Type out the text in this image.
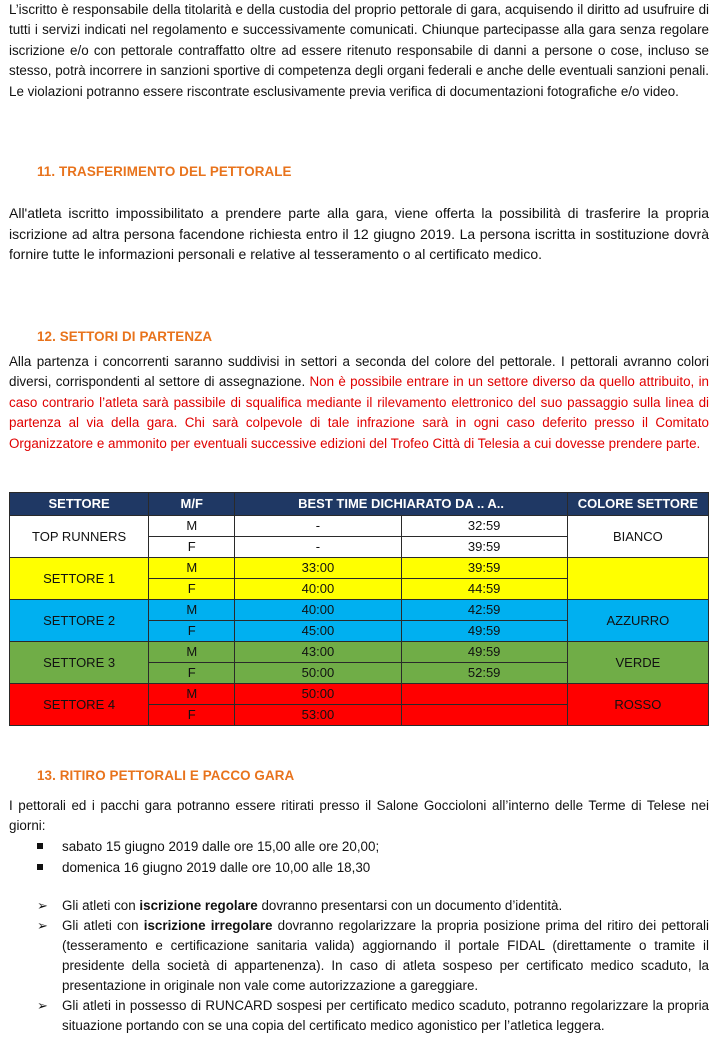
L’iscritto è responsabile della titolarità e della custodia del proprio pettorale di gara, acquisendo il diritto ad usufruire di tutti i servizi indicati nel regolamento e successivamente comunicati. Chiunque partecipasse alla gara senza regolare iscrizione e/o con pettorale contraffatto oltre ad essere ritenuto responsabile di danni a persone o cose, incluso se stesso, potrà incorrere in sanzioni sportive di competenza degli organi federali e anche delle eventuali sanzioni penali. Le violazioni potranno essere riscontrate esclusivamente previa verifica di documentazioni fotografiche e/o video.
11. TRASFERIMENTO DEL PETTORALE
All'atleta iscritto impossibilitato a prendere parte alla gara, viene offerta la possibilità di trasferire la propria iscrizione ad altra persona facendone richiesta entro il 12 giugno 2019. La persona iscritta in sostituzione dovrà fornire tutte le informazioni personali e relative al tesseramento o al certificato medico.
12. SETTORI DI PARTENZA
Alla partenza i concorrenti saranno suddivisi in settori a seconda del colore del pettorale. I pettorali avranno colori diversi, corrispondenti al settore di assegnazione. Non è possibile entrare in un settore diverso da quello attribuito, in caso contrario l’atleta sarà passibile di squalifica mediante il rilevamento elettronico del suo passaggio sulla linea di partenza al via della gara. Chi sarà colpevole di tale infrazione sarà in ogni caso deferito presso il Comitato Organizzatore e ammonito per eventuali successive edizioni del Trofeo Città di Telesia a cui dovesse prendere parte.
SETTORE	M/F	BEST TIME DICHIARATO DA .. A..		COLORE SETTORE
TOP RUNNERS	M	-	32:59	BIANCO
	F	-	39:59	
SETTORE 1	M	33:00	39:59	
	F	40:00	44:59	
SETTORE 2	M	40:00	42:59	AZZURRO
	F	45:00	49:59	
SETTORE 3	M	43:00	49:59	VERDE
	F	50:00	52:59	
SETTORE 4	M	50:00		ROSSO
	F	53:00		
13. RITIRO PETTORALI E PACCO GARA
I pettorali ed i pacchi gara potranno essere ritirati presso il Salone Goccioloni all’interno delle Terme di Telese nei giorni:
sabato 15 giugno 2019 dalle ore 15,00 alle ore 20,00;
domenica 16 giugno 2019 dalle ore 10,00 alle 18,30
➢ Gli atleti con iscrizione regolare dovranno presentarsi con un documento d’identità.
➢ Gli atleti con iscrizione irregolare dovranno regolarizzare la propria posizione prima del ritiro dei pettorali (tesseramento e certificazione sanitaria valida) aggiornando il portale FIDAL (direttamente o tramite il presidente della società di appartenenza). In caso di atleta sospeso per certificato medico scaduto, la presentazione in originale non vale come autorizzazione a gareggiare.
➢ Gli atleti in possesso di RUNCARD sospesi per certificato medico scaduto, potranno regolarizzare la propria situazione portando con se una copia del certificato medico agonistico per l’atletica leggera.
